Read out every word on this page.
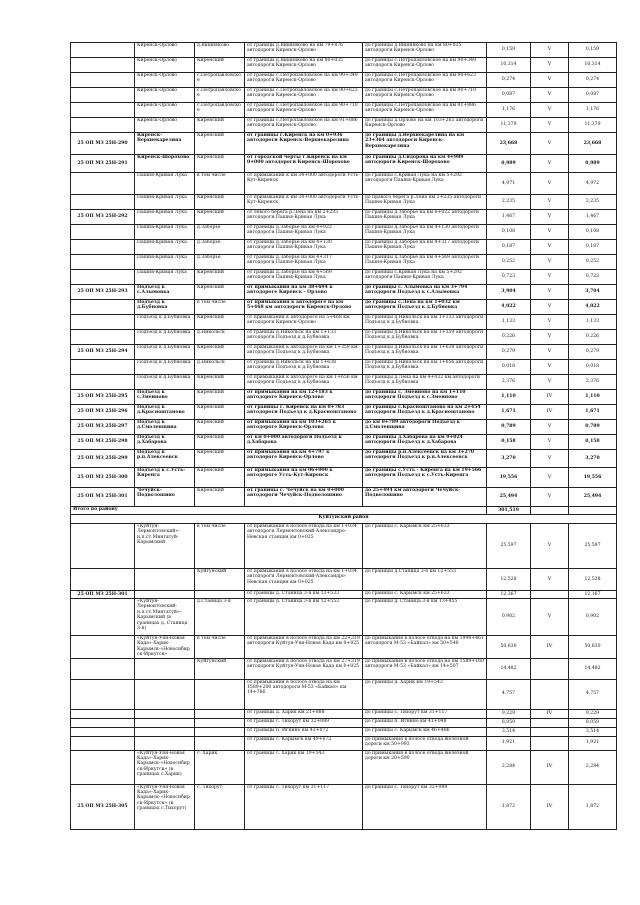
	Киренск-Орлово	д.Вишняково	от границы д.Вишняково на км 79+876 автодороги Киренск-Орлово	до границы д.Вишняково на км 80+035 автодороги Киренск-Орлово	0,159	V	0,159
	Киренск-Орлово	Киренский	от границы д.Вишняково на км 80+035 автодороги Киренск-Орлово	до границы с.Петропавловское на км 90+349 автодороги Киренск-Орлово	10,314	V	10,314
	Киренск-Орлово	с.Петропавловское	от границы с.Петропавловское на км 90+349 автодороги Киренск-Орлово	до границы с.Петропавловское на км 90+623 автодороги Киренск-Орлово	0,274	V	0,274
	Киренск-Орлово	с.Петропавловское	от границы с.Петропавловское на км 90+623 автодороги Киренск-Орлово	до границы с.Петропавловское на км 90+710 автодороги Киренск-Орлово	0,087	V	0,087
	Киренск-Орлово	с.Петропавловское	от границы с.Петропавловское на км 90+710 автодороги Киренск-Орлово	до границы с.Петропавловское на км 91+886 автодороги Киренск-Орлово	1,176	V	1,176
	Киренск-Орлово	Киренский	от границы с.Петропавловское на км 91+886 автодороги Киренск-Орлово	до границы д.Орлово на км 103+265 автодороги Киренск-Орлово	11,379	V	11,379
25 ОП МЗ 25Н-290	Киренск-Верхнекарелина	Киренский	от границы г.Киренск на км 0+936 автодороги Киренск-Верхнекарелина	до границы д.Верхнекарелина на км 23+364 автодороги Киренск-Верхнекарелина	23,668	V	23,668
25 ОП МЗ 25Н-291	Киренск-Шорохово	Киренский	от городской черты г.Киренск на км 0+000 автодороги Киренск-Шорохово	до границы д.Сидорова на км 4+989 автодороги Киренск-Шорохово	0,989	V	0,989
	Пашня-Кривая Лука	в том числе	от примыкания к км 34+000 автодороги Усть-Кут-Киренск	до границы с.Кривая Лука на км 5+292 автодороги Пашня-Кривая Лука	4,971	V	4,972
	Пашня-Кривая Лука	Киренский	от примыкания к км 34+000 автодороги Усть-Кут-Киренск	до правого берега р.Лена км 2+235 автодороги Пашня-Кривая Лука	2,235	V	2,235
25 ОП МЗ 25Н-292	Пашня-Кривая Лука	Киренский	от левого берега р.Лена на км 2+235 автодороги Пашня-Кривая Лука	до границы д.Заборье на км 6+022 автодороги Пашня-Кривая Лука	1,467	V	1,467
	Пашня-Кривая Лука	д.Заборье	от границы д.Заборье на км 4+022 автодороги Пашня-Кривая Лука	до границы д.Заборье на км 4+130 автодороги Пашня-Кривая Лука	0,108	V	0,108
	Пашня-Кривая Лука	д.Заборье	от границы д.Заборье на км 4+130 автодороги Пашня-Кривая Лука	до границы д.Заборье на км 4+317 автодороги Пашня-Кривая Лука	0,187	V	0,187
	Пашня-Кривая Лука	д.Заборье	от границы д.Заборье на км 4+317 автодороги Пашня-Кривая Лука	до границы д.Заборье на км 4+569 автодороги Пашня-Кривая Лука	0,252	V	0,252
	Пашня-Кривая Лука	Киренский	от границы д.Заборье на км 4+569 автодороги Пашня-Кривая Лука	до границы с.Кривая Лука на км 5+292 автодороги Пашня-Кривая Лука	0,723	V	0,723
25 ОП МЗ 25Н-293	Подъезд к с.Алымовка	Киренский	от примыкания на км 38+694 к автодороге Киренск - Орлово	до границы с. Алымовка на км 3+794 автодороги Подъезд к с.Алымовка	3,904	V	3,704
	Подъезд к д.Бубновка	в том числе	от примыкания к автодороге на км 5+468 км автодороги Киренск-Орлово	до границы с.Лена на км 1+032 км автодороги Подъезд к д.Бубновка	4,022	V	4,022
	Подъезд к д.Бубновка	Киренский	от примыкания к автодороге на 5+468 км автодороги Киренск-Орлово	до границы д.Никольск на км 1+133 автодороги Подъезд к д.Бубновка	1,133	V	1,133
	Подъезд к д.Бубновка	д.Никольск	от границы д.Никольск на км 1+133 автодороги Подъезд к д.Бубновка	до границы д.Никольск на км 1+359 автодороги Подъезд к д.Бубновка	0,226	V	0,226
25 ОП МЗ 25Н-294	Подъезд к д.Бубновка	Киренский	от примыкания к автодороге на км 1+359 км автодороги Подъезд к д.Бубновка	до границы д.Никольск на км 1+638 автодороги Подъезд к д.Бубновка	0,279	V	0,279
	Подъезд к д.Бубновка	д.Никольск	от границы д.Никольск на км 1+638 автодороги Подъезд к д.Бубновка	до границы д.Никольск на км 1+656 автодороги Подъезд к д.Бубновка	0,018	V	0,018
	Подъезд к д.Бубновка	Киренский	от примыкания к автодороге на км 1+656 км автодороги Подъезд к д.Бубновка	до границы д.Лена на км 4+032 км автодороги Подъезд к д.Бубновка	2,376	V	2,376
25 ОП МЗ 25Н-295	Подъезд к с.Змеиново	Киренский	от примыкания на км 12+183 к автодороге Киренск-Орлово	до границы с. Змеиново на км 1+110 автодороги Подъезд к с.Змеиново	1,110	IV	1,110
25 ОП МЗ 25Н-296	Подъезд к д.Красноштаново	Киренский	от границы г. Киренск на км 0+783 автодороги Подъезд к д.Красноштаново	до границы с.Красноштаново на км 2+454 автодороги Подъезд к д.Красноштаново	1,671	IV	1,671
25 ОП МЗ 25Н-297	Подъезд к д.Смоленщина	Киренский	от примыкания на км 103+265 к автодороге Киренск-Орлово	до км 0+789 автодороги Подъезд к д.Смоленщина	0,789	V	0,789
25 ОП МЗ 25Н-298	Подъезд к д.Хабарова	Киренский	от км 0+000 автодороги Подъезд к д.Хабарова	до границы д.Хабарова на км 0+024 автодороги Подъезд к д.Хабарова	0,158	V	0,158
25 ОП МЗ 25Н-299	Подъезд к р.п.Алексеевск	Киренский	от примыкания на км 4+797 к автодороге Киренск-Орлово	до границы р.п.Алексеевск на км 3+270 автодороги Подъезд к р.п.Алексеевск	3,270	V	3,270
25 ОП МЗ 25Н-300	Подъезд к с.Усть-Киренга	Киренский	от примыкания на км 06+000 к автодороге Усть-Кут-Киренск	до границы с.Усть - Киренга на км 19+566 автодороги Подъезд к с.Усть-Киренга	19,556	V	19,556
25 ОП МЗ 25Н-301	Чечуйск-Подволошино	Киренский	от границы с. Чечуйск на км 0+000 автодороги Чечуйск-Подволошино	до 25+494 км автодороги Чечуйск-Подволошино	25,494	V	25,494
Итого по району					301,519		
Куйтунский район							
	«Куйтун-Лермонтовский»-н.п.ст.Мингатуй-Карымский	в том числе	от примыкания в полосе отвода на км 1+034 автодороги Лермонтовский-Александро-Невская станция км 0+025	до границы с. Карымск км 25+633	25,597	V	25,597
		Куйтунский	от примыкания в полосе отвода на км 1+034 автодороги Лермонтовский-Александро-Невская станция км 0+025	до границы д.Станица 3-я км 12+553	12,528	V	12,528
25 ОП МЗ 25Н-301			от границы д. Станица 3-я км 13+533	до границы с. Карымск км 25+633	12,367		12,167
	«Куйтун-Лермонтовский-н.п.ст.Мингатуй»-Карымский (в границах д. Станица 3-я)	д.Станица 3-я	от границы д. Станица 3-я км 12+553	до границы д. Станица 3-я км 13+455	0,902	V	0,902
	«Куйтун-Уян-Новая Када»-Харик-Карымск-«Новосибирск-Иркутск»	в том числе	от примыкания в полосе отвода на км 22+319 автодороги Куйтун-Уян-Новая Када км 0+025	до примыкания в полосе отвода на км 1998+461 автодороги М-53 «Байкал» км 50+540	50,630	IV	50,630
		Куйтунский	от примыкания в полосе отвода на км 27+319 автодороги Куйтун-Уян-Новая Када км 0+025	до примыкания в полосе отвода на км 1589+160 автодороги М-53 «Байкал» км 14+507	14,482		14,482
			от примыкания в полосе отвода на км 1589+200 автодороги М-53 «Байкал» км 14+786	до границы д. Харик км 19+543	4,757		4,757
			от границы д. Харик км 21+888	до границы с. Тихорут км 31+117	9,229	IV	9,229
			от границы с. Тихорут км 32+089	до границы п. Игнино км 41+048	8,059		8,059
			от границы п. Игнино км 43+072	до границы с. Карымск км 46+486	3,514		3,514
			от границы с. Карымск км 49+672	до примыкания в полосе отвода железной дороги км 50+993	1,921		1,921
	«Куйтун-Уян-Новая Када»-Харик-Карымск-«Новосибирск-Иркутск» (в границах с.Харик)	с. Харик	от границы с. Харик км 19+543	до примыкания в полосе отвода железной дороги км 20+590	2,284	IV	2,284
25 ОП МЗ 25Н-305	«Куйтун-Уян-Новая Када»-Харик-Карымск-«Новосибирск-Иркутск» (в границах с.Тихорут)	с. Тихорут	от границы с. Тихорут км 31+117	до границы с. Тихорут км 32+089	1,872	IV	1,872
